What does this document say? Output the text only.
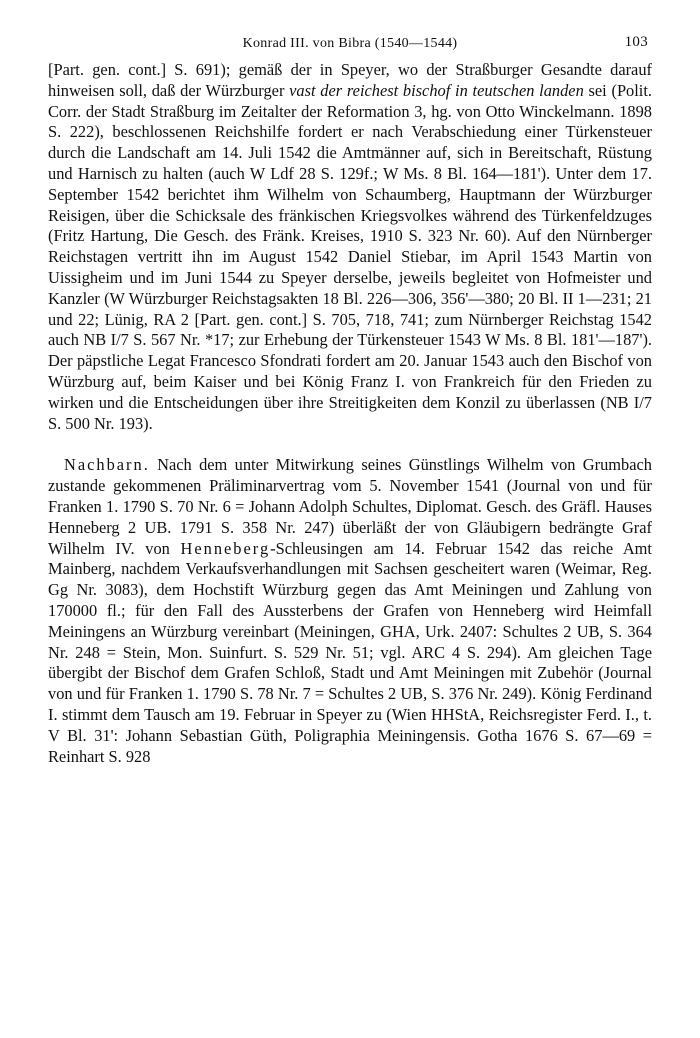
Konrad III. von Bibra (1540—1544)	103

[Part. gen. cont.] S. 691); gemäß der in Speyer, wo der Straßburger Gesandte darauf hinweisen soll, daß der Würzburger vast der reichest bischof in teutschen landen sei (Polit. Corr. der Stadt Straßburg im Zeitalter der Reformation 3, hg. von Otto Winckelmann. 1898 S. 222), beschlossenen Reichshilfe fordert er nach Verabschiedung einer Türkensteuer durch die Landschaft am 14. Juli 1542 die Amtmänner auf, sich in Bereitschaft, Rüstung und Harnisch zu halten (auch W Ldf 28 S. 129f.; W Ms. 8 Bl. 164—181'). Unter dem 17. September 1542 berichtet ihm Wilhelm von Schaumberg, Hauptmann der Würzburger Reisigen, über die Schicksale des fränkischen Kriegsvolkes während des Türkenfeldzuges (Fritz Hartung, Die Gesch. des Fränk. Kreises, 1910 S. 323 Nr. 60). Auf den Nürnberger Reichstagen vertritt ihn im August 1542 Daniel Stiebar, im April 1543 Martin von Uissigheim und im Juni 1544 zu Speyer derselbe, jeweils begleitet von Hofmeister und Kanzler (W Würzburger Reichstagsakten 18 Bl. 226—306, 356'—380; 20 Bl. II 1—231; 21 und 22; Lünig, RA 2 [Part. gen. cont.] S. 705, 718, 741; zum Nürnberger Reichstag 1542 auch NB I/7 S. 567 Nr. *17; zur Erhebung der Türkensteuer 1543 W Ms. 8 Bl. 181'—187'). Der päpstliche Legat Francesco Sfondrati fordert am 20. Januar 1543 auch den Bischof von Würzburg auf, beim Kaiser und bei König Franz I. von Frankreich für den Frieden zu wirken und die Entscheidungen über ihre Streitigkeiten dem Konzil zu überlassen (NB I/7 S. 500 Nr. 193).

Nachbarn. Nach dem unter Mitwirkung seines Günstlings Wilhelm von Grumbach zustande gekommenen Präliminarvertrag vom 5. November 1541 (Journal von und für Franken 1. 1790 S. 70 Nr. 6 = Johann Adolph Schultes, Diplomat. Gesch. des Gräfl. Hauses Henneberg 2 UB. 1791 S. 358 Nr. 247) überläßt der von Gläubigern bedrängte Graf Wilhelm IV. von Henneberg-Schleusingen am 14. Februar 1542 das reiche Amt Mainberg, nachdem Verkaufsverhandlungen mit Sachsen gescheitert waren (Weimar, Reg. Gg Nr. 3083), dem Hochstift Würzburg gegen das Amt Meiningen und Zahlung von 170000 fl.; für den Fall des Aussterbens der Grafen von Henneberg wird Heimfall Meiningens an Würzburg vereinbart (Meiningen, GHA, Urk. 2407: Schultes 2 UB, S. 364 Nr. 248 = Stein, Mon. Suinfurt. S. 529 Nr. 51; vgl. ARC 4 S. 294). Am gleichen Tage übergibt der Bischof dem Grafen Schloß, Stadt und Amt Meiningen mit Zubehör (Journal von und für Franken 1. 1790 S. 78 Nr. 7 = Schultes 2 UB, S. 376 Nr. 249). König Ferdinand I. stimmt dem Tausch am 19. Februar in Speyer zu (Wien HHStA, Reichsregister Ferd. I., t. V Bl. 31': Johann Sebastian Güth, Poligraphia Meiningensis. Gotha 1676 S. 67—69 = Reinhart S. 928
